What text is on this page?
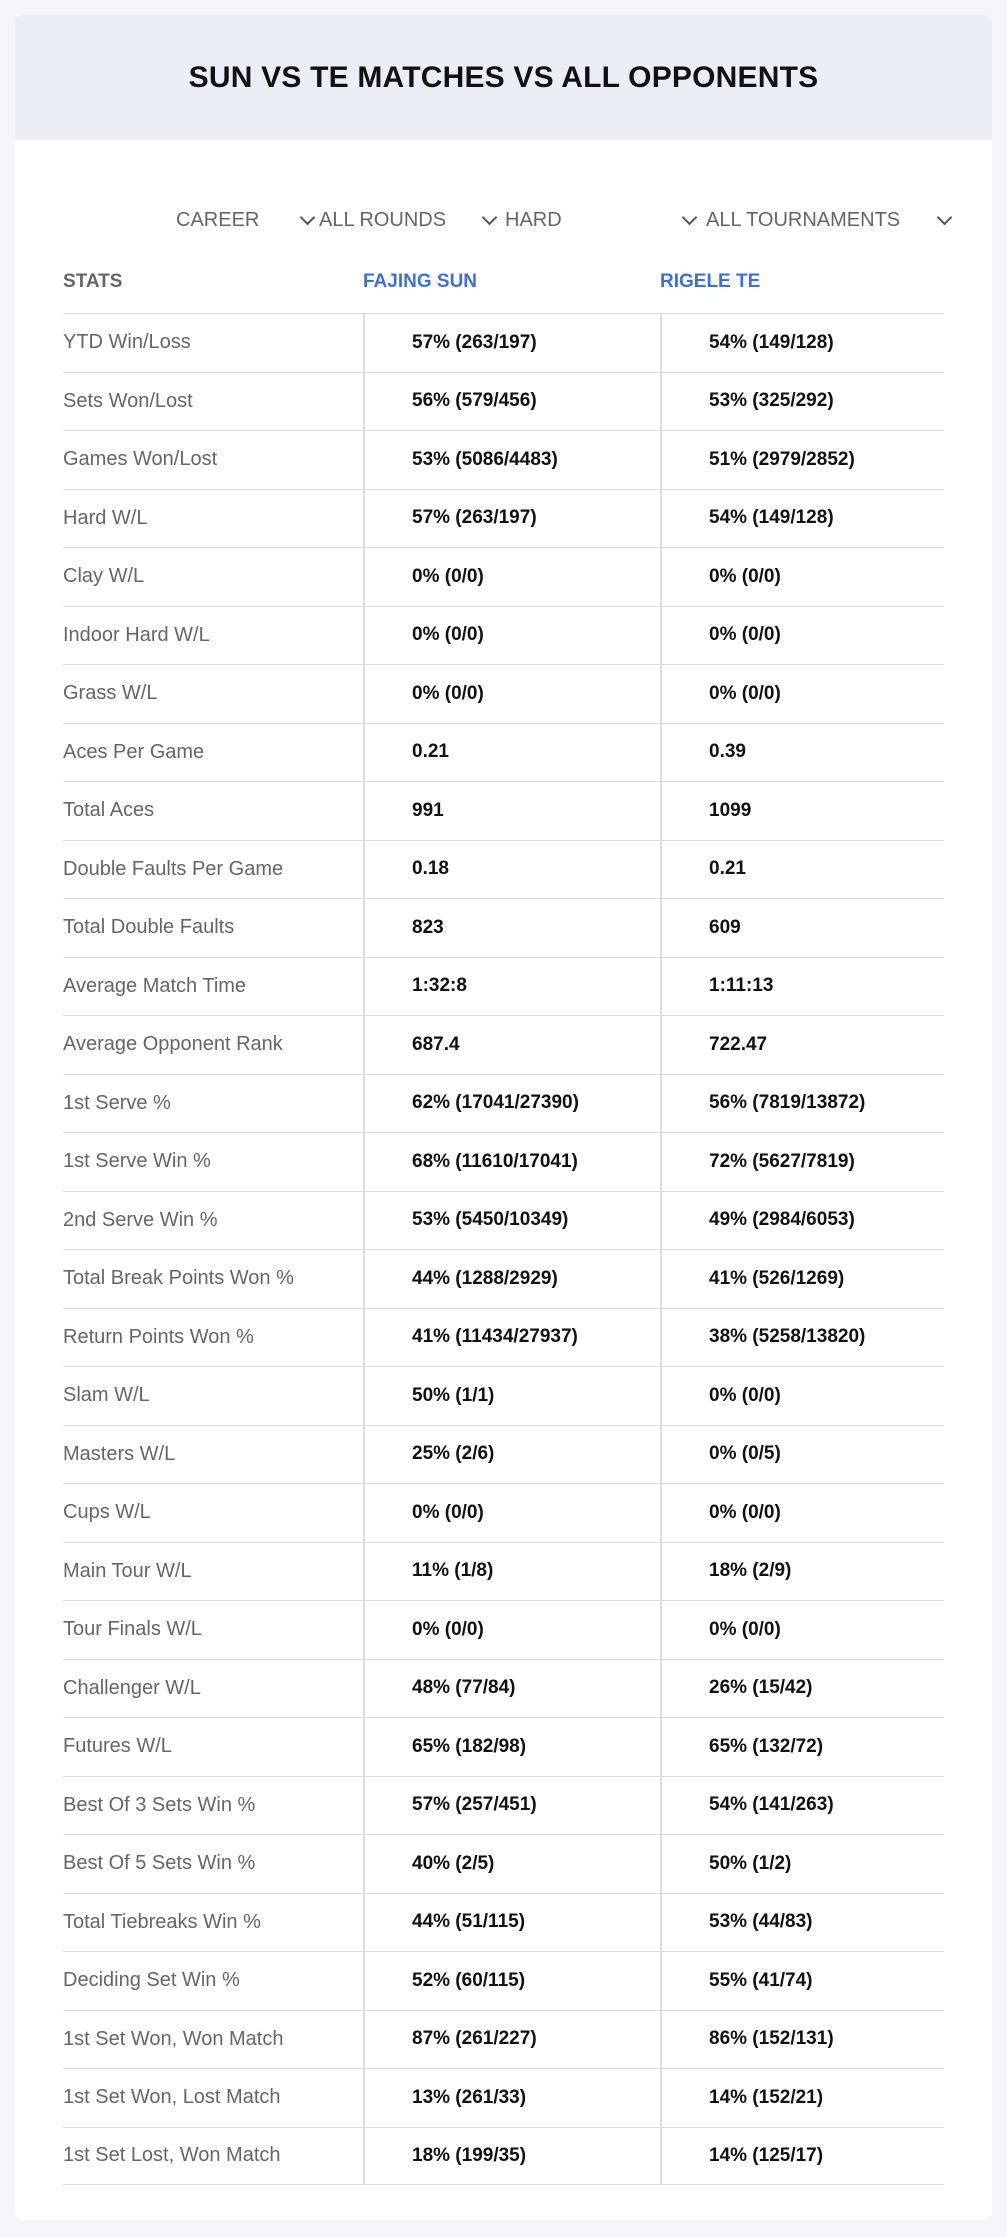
SUN VS TE MATCHES VS ALL OPPONENTS
CAREER	ALL ROUNDS	HARD	ALL TOURNAMENTS
STATS	FAJING SUN	RIGELE TE
YTD Win/Loss	57% (263/197)	54% (149/128)
Sets Won/Lost	56% (579/456)	53% (325/292)
Games Won/Lost	53% (5086/4483)	51% (2979/2852)
Hard W/L	57% (263/197)	54% (149/128)
Clay W/L	0% (0/0)	0% (0/0)
Indoor Hard W/L	0% (0/0)	0% (0/0)
Grass W/L	0% (0/0)	0% (0/0)
Aces Per Game	0.21	0.39
Total Aces	991	1099
Double Faults Per Game	0.18	0.21
Total Double Faults	823	609
Average Match Time	1:32:8	1:11:13
Average Opponent Rank	687.4	722.47
1st Serve %	62% (17041/27390)	56% (7819/13872)
1st Serve Win %	68% (11610/17041)	72% (5627/7819)
2nd Serve Win %	53% (5450/10349)	49% (2984/6053)
Total Break Points Won %	44% (1288/2929)	41% (526/1269)
Return Points Won %	41% (11434/27937)	38% (5258/13820)
Slam W/L	50% (1/1)	0% (0/0)
Masters W/L	25% (2/6)	0% (0/5)
Cups W/L	0% (0/0)	0% (0/0)
Main Tour W/L	11% (1/8)	18% (2/9)
Tour Finals W/L	0% (0/0)	0% (0/0)
Challenger W/L	48% (77/84)	26% (15/42)
Futures W/L	65% (182/98)	65% (132/72)
Best Of 3 Sets Win %	57% (257/451)	54% (141/263)
Best Of 5 Sets Win %	40% (2/5)	50% (1/2)
Total Tiebreaks Win %	44% (51/115)	53% (44/83)
Deciding Set Win %	52% (60/115)	55% (41/74)
1st Set Won, Won Match	87% (261/227)	86% (152/131)
1st Set Won, Lost Match	13% (261/33)	14% (152/21)
1st Set Lost, Won Match	18% (199/35)	14% (125/17)
